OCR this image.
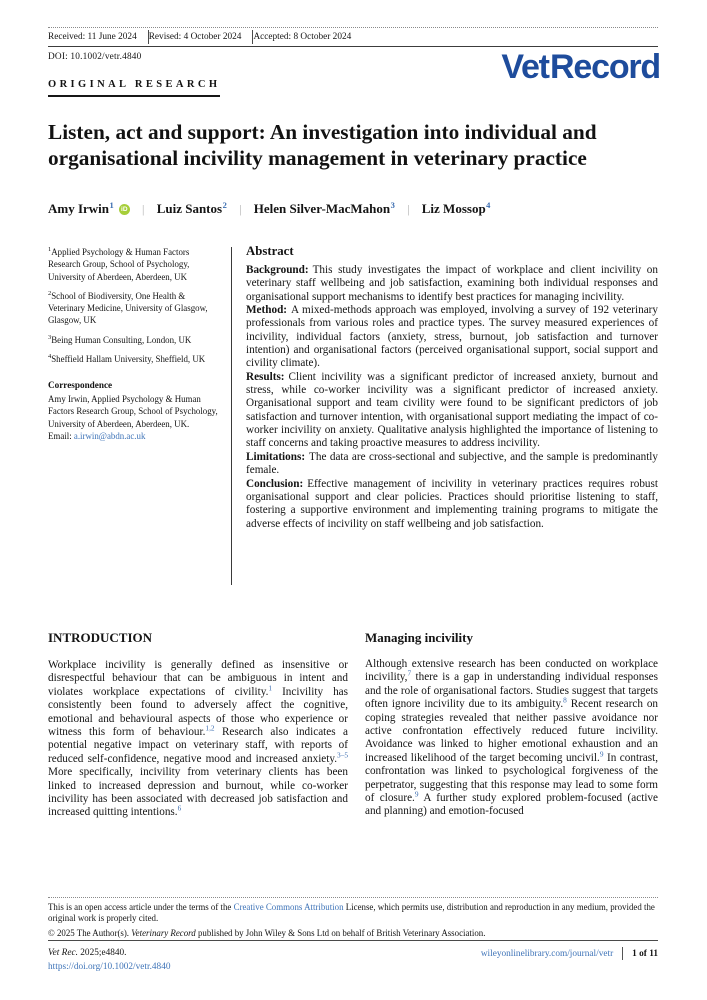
Received: 11 June 2024	Revised: 4 October 2024	Accepted: 8 October 2024
DOI: 10.1002/vetr.4840	Vet Record
ORIGINAL RESEARCH
Listen, act and support: An investigation into individual and organisational incivility management in veterinary practice
Amy Irwin$^1$ iD | Luiz Santos$^2$ | Helen Silver-MacMahon$^3$ | Liz Mossop$^4$

$^1$Applied Psychology & Human Factors Research Group, School of Psychology, University of Aberdeen, Aberdeen, UK

$^2$School of Biodiversity, One Health & Veterinary Medicine, University of Glasgow, Glasgow, UK

$^3$Being Human Consulting, London, UK

$^4$Sheffield Hallam University, Sheffield, UK

Correspondence

Amy Irwin, Applied Psychology & Human Factors Research Group, School of Psychology, University of Aberdeen, Aberdeen, UK.

Email: a.irwin@abdn.ac.uk

Abstract

Background: This study investigates the impact of workplace and client incivility on veterinary staff wellbeing and job satisfaction, examining both individual responses and organisational support mechanisms to identify best practices for managing incivility.

Method: A mixed-methods approach was employed, involving a survey of 192 veterinary professionals from various roles and practice types. The survey measured experiences of incivility, individual factors (anxiety, stress, burnout, job satisfaction and turnover intention) and organisational factors (perceived organisational support, social support and civility climate).

Results: Client incivility was a significant predictor of increased anxiety, burnout and stress, while co-worker incivility was a significant predictor of increased anxiety. Organisational support and team civility were found to be significant predictors of job satisfaction and turnover intention, with organisational support mediating the impact of co-worker incivility on anxiety. Qualitative analysis highlighted the importance of listening to staff concerns and taking proactive measures to address incivility.

Limitations: The data are cross-sectional and subjective, and the sample is predominantly female.

Conclusion: Effective management of incivility in veterinary practices requires robust organisational support and clear policies. Practices should prioritise listening to staff, fostering a supportive environment and implementing training programs to mitigate the adverse effects of incivility on staff wellbeing and job satisfaction.

INTRODUCTION

Workplace incivility is generally defined as insensitive or disrespectful behaviour that can be ambiguous in intent and violates workplace expectations of civility.$^1$ Incivility has consistently been found to adversely affect the cognitive, emotional and behavioural aspects of those who experience or witness this form of behaviour.$^{1,2}$ Research also indicates a potential negative impact on veterinary staff, with reports of reduced self-confidence, negative mood and increased anxiety.$^{3-5}$ More specifically, incivility from veterinary clients has been linked to increased depression and burnout, while co-worker incivility has been associated with decreased job satisfaction and increased quitting intentions.$^6$

Managing incivility

Although extensive research has been conducted on workplace incivility,$^7$ there is a gap in understanding individual responses and the role of organisational factors. Studies suggest that targets often ignore incivility due to its ambiguity.$^8$ Recent research on coping strategies revealed that neither passive avoidance nor active confrontation effectively reduced future incivility. Avoidance was linked to higher emotional exhaustion and an increased likelihood of the target becoming uncivil.$^9$ In contrast, confrontation was linked to psychological forgiveness of the perpetrator, suggesting that this response may lead to some form of closure.$^9$ A further study explored problem-focused (active and planning) and emotion-focused

This is an open access article under the terms of the Creative Commons Attribution License, which permits use, distribution and reproduction in any medium, provided the original work is properly cited.
© 2025 The Author(s). Veterinary Record published by John Wiley & Sons Ltd on behalf of British Veterinary Association.
Vet Rec. 2025;e4840.
https://doi.org/10.1002/vetr.4840
wileyonlinelibrary.com/journal/vetr 1 of 11
